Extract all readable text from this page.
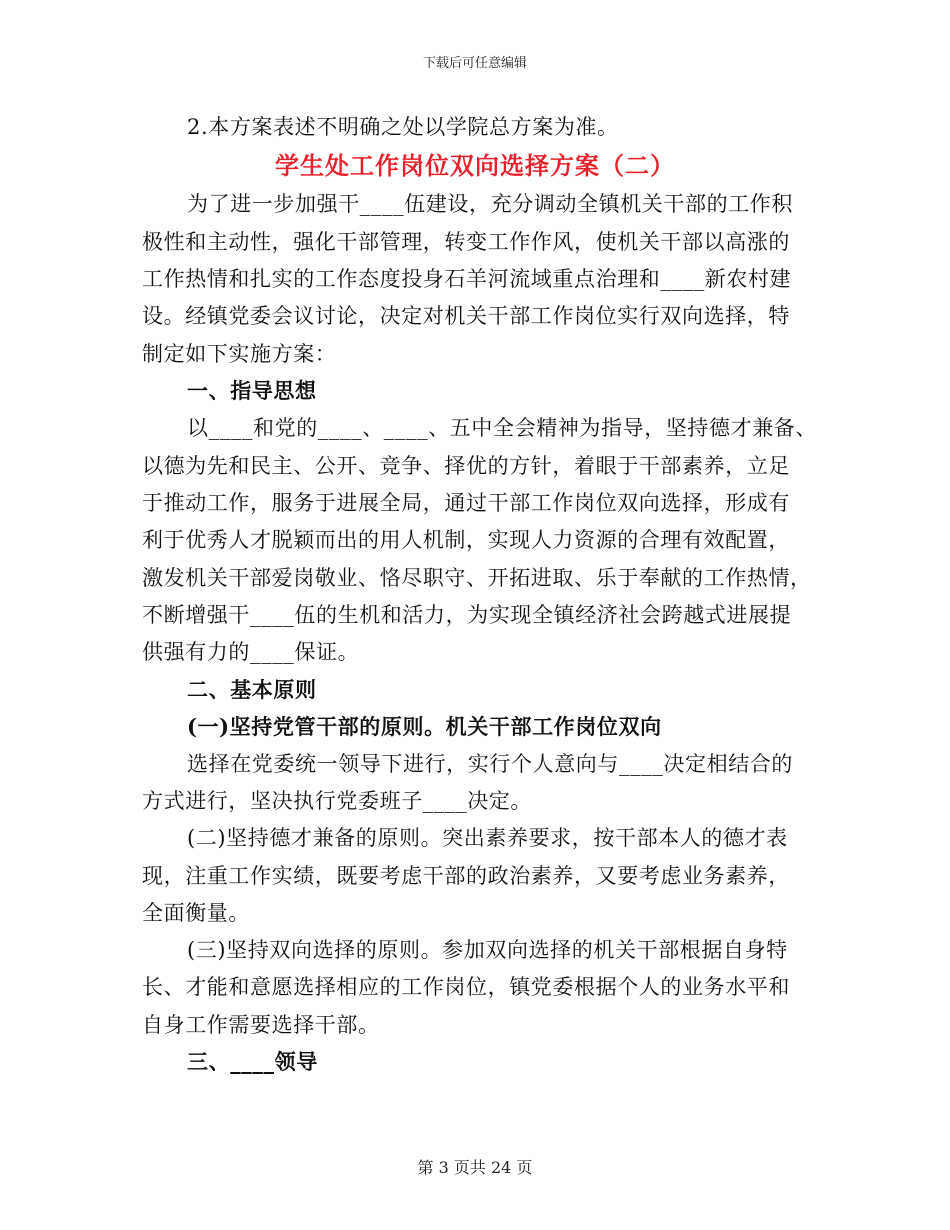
下载后可任意编辑
2.本方案表述不明确之处以学院总方案为准。
学生处工作岗位双向选择方案（二）
为了进一步加强干____伍建设，充分调动全镇机关干部的工作积
极性和主动性，强化干部管理，转变工作作风，使机关干部以高涨的
工作热情和扎实的工作态度投身石羊河流域重点治理和____新农村建
设。经镇党委会议讨论，决定对机关干部工作岗位实行双向选择，特
制定如下实施方案：
一、指导思想
以____和党的____、____、五中全会精神为指导，坚持德才兼备、
以德为先和民主、公开、竞争、择优的方针，着眼于干部素养，立足
于推动工作，服务于进展全局，通过干部工作岗位双向选择，形成有
利于优秀人才脱颖而出的用人机制，实现人力资源的合理有效配置，
激发机关干部爱岗敬业、恪尽职守、开拓进取、乐于奉献的工作热情，
不断增强干____伍的生机和活力，为实现全镇经济社会跨越式进展提
供强有力的____保证。
二、基本原则
(一)坚持党管干部的原则。机关干部工作岗位双向
选择在党委统一领导下进行，实行个人意向与____决定相结合的
方式进行，坚决执行党委班子____决定。
(二)坚持德才兼备的原则。突出素养要求，按干部本人的德才表
现，注重工作实绩，既要考虑干部的政治素养，又要考虑业务素养，
全面衡量。
(三)坚持双向选择的原则。参加双向选择的机关干部根据自身特
长、才能和意愿选择相应的工作岗位，镇党委根据个人的业务水平和
自身工作需要选择干部。
三、____领导
第 3 页共 24 页
